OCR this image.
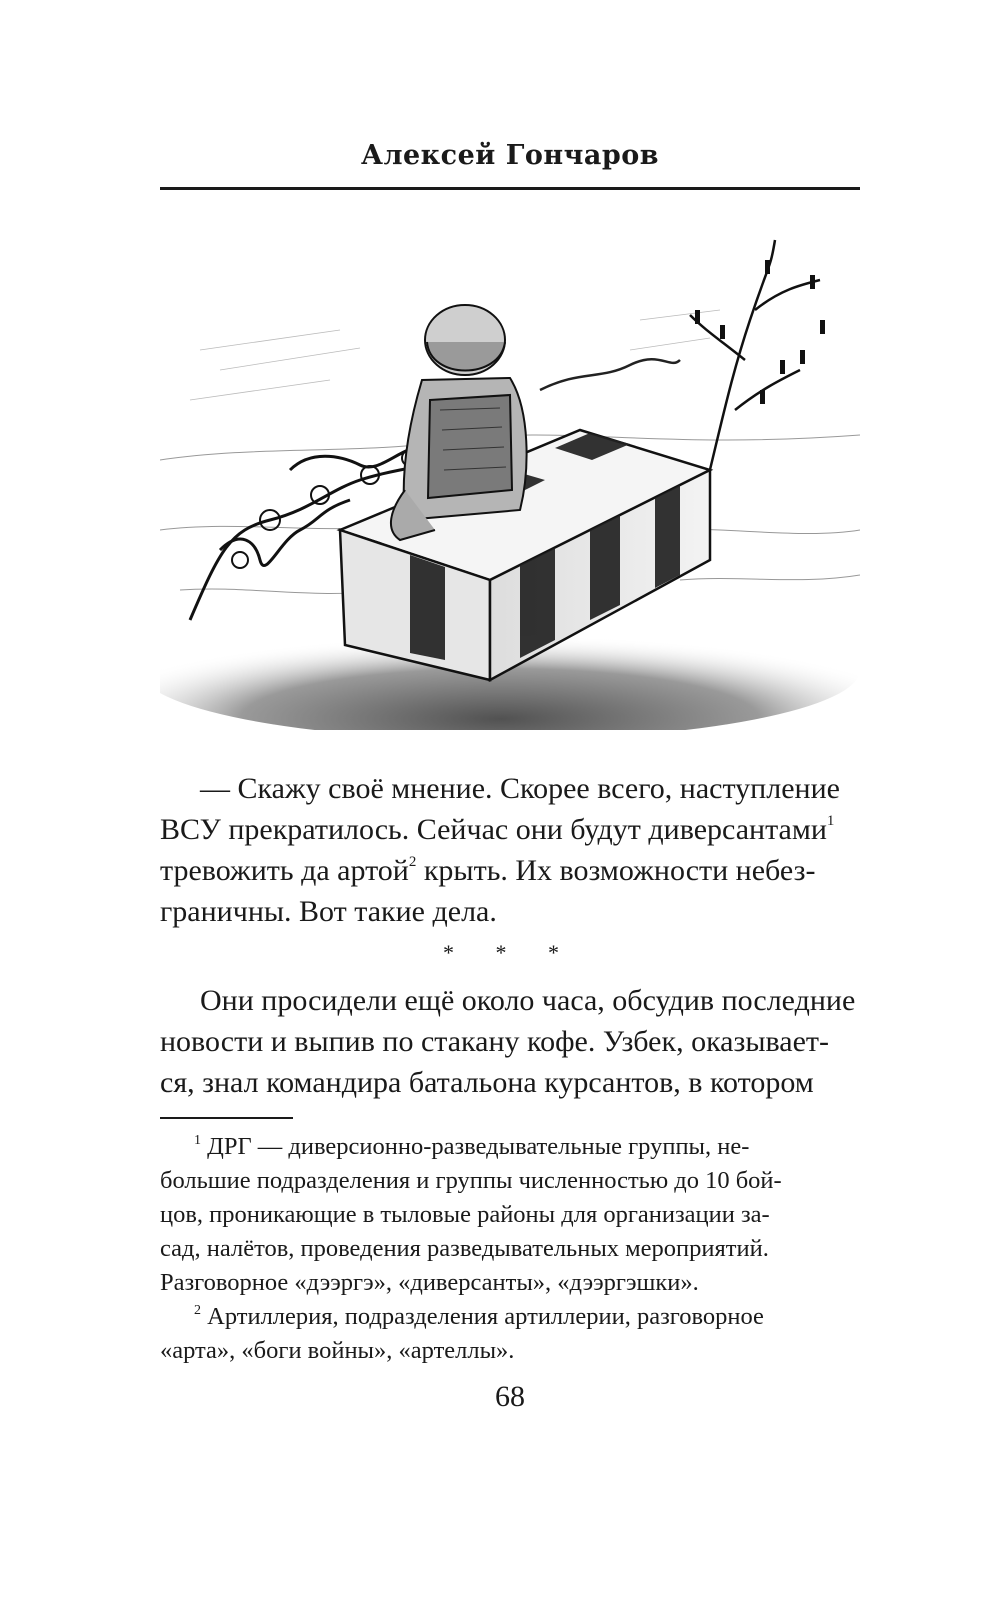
Алексей Гончаров

— Скажу своё мнение. Скорее всего, наступление
ВСУ прекратилось. Сейчас они будут диверсантами$^1$
тревожить да артой$^2$ крыть. Их возможности небез-
граничны. Вот такие дела.

* * *

Они просидели ещё около часа, обсудив последние
новости и выпив по стакану кофе. Узбек, оказывает-
ся, знал командира батальона курсантов, в котором

$^1$ ДРГ — диверсионно-разведывательные группы, не-
большие подразделения и группы численностью до 10 бой-
цов, проникающие в тыловые районы для организации за-
сад, налётов, проведения разведывательных мероприятий.
Разговорное «дээргэ», «диверсанты», «дээргэшки».
$^2$ Артиллерия, подразделения артиллерии, разговорное
«арта», «боги войны», «артеллы».
68
